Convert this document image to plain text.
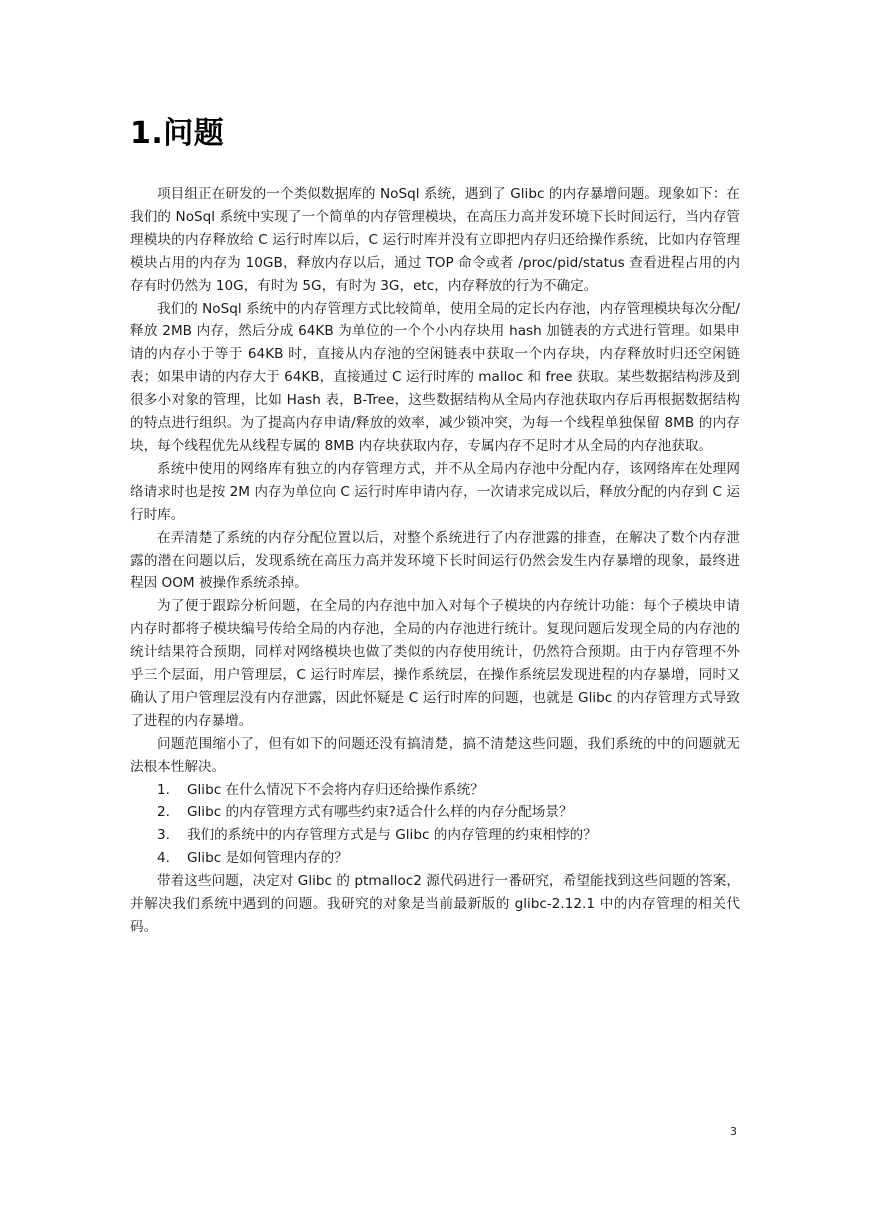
1.问题

项目组正在研发的一个类似数据库的 NoSql 系统，遇到了 Glibc 的内存暴增问题。现象如下：在我们的 NoSql 系统中实现了一个简单的内存管理模块，在高压力高并发环境下长时间运行，当内存管理模块的内存释放给 C 运行时库以后，C 运行时库并没有立即把内存归还给操作系统，比如内存管理模块占用的内存为 10GB，释放内存以后，通过 TOP 命令或者 /proc/pid/status 查看进程占用的内存有时仍然为 10G，有时为 5G，有时为 3G，etc，内存释放的行为不确定。

我们的 NoSql 系统中的内存管理方式比较简单，使用全局的定长内存池，内存管理模块每次分配/释放 2MB 内存，然后分成 64KB 为单位的一个个小内存块用 hash 加链表的方式进行管理。如果申请的内存小于等于 64KB 时，直接从内存池的空闲链表中获取一个内存块，内存释放时归还空闲链表；如果申请的内存大于 64KB，直接通过 C 运行时库的 malloc 和 free 获取。某些数据结构涉及到很多小对象的管理，比如 Hash 表，B-Tree，这些数据结构从全局内存池获取内存后再根据数据结构的特点进行组织。为了提高内存申请/释放的效率，减少锁冲突，为每一个线程单独保留 8MB 的内存块，每个线程优先从线程专属的 8MB 内存块获取内存，专属内存不足时才从全局的内存池获取。

系统中使用的网络库有独立的内存管理方式，并不从全局内存池中分配内存，该网络库在处理网络请求时也是按 2M 内存为单位向 C 运行时库申请内存，一次请求完成以后，释放分配的内存到 C 运行时库。

在弄清楚了系统的内存分配位置以后，对整个系统进行了内存泄露的排查，在解决了数个内存泄露的潜在问题以后，发现系统在高压力高并发环境下长时间运行仍然会发生内存暴增的现象，最终进程因 OOM 被操作系统杀掉。

为了便于跟踪分析问题，在全局的内存池中加入对每个子模块的内存统计功能：每个子模块申请内存时都将子模块编号传给全局的内存池，全局的内存池进行统计。复现问题后发现全局的内存池的统计结果符合预期，同样对网络模块也做了类似的内存使用统计，仍然符合预期。由于内存管理不外乎三个层面，用户管理层，C 运行时库层，操作系统层，在操作系统层发现进程的内存暴增，同时又确认了用户管理层没有内存泄露，因此怀疑是 C 运行时库的问题，也就是 Glibc 的内存管理方式导致了进程的内存暴增。

问题范围缩小了，但有如下的问题还没有搞清楚，搞不清楚这些问题，我们系统的中的问题就无法根本性解决。

1.	Glibc 在什么情况下不会将内存归还给操作系统？
2.	Glibc 的内存管理方式有哪些约束?适合什么样的内存分配场景？
3.	我们的系统中的内存管理方式是与 Glibc 的内存管理的约束相悖的？
4.	Glibc 是如何管理内存的？

带着这些问题，决定对 Glibc 的 ptmalloc2 源代码进行一番研究，希望能找到这些问题的答案，并解决我们系统中遇到的问题。我研究的对象是当前最新版的 glibc-2.12.1 中的内存管理的相关代码。

3
